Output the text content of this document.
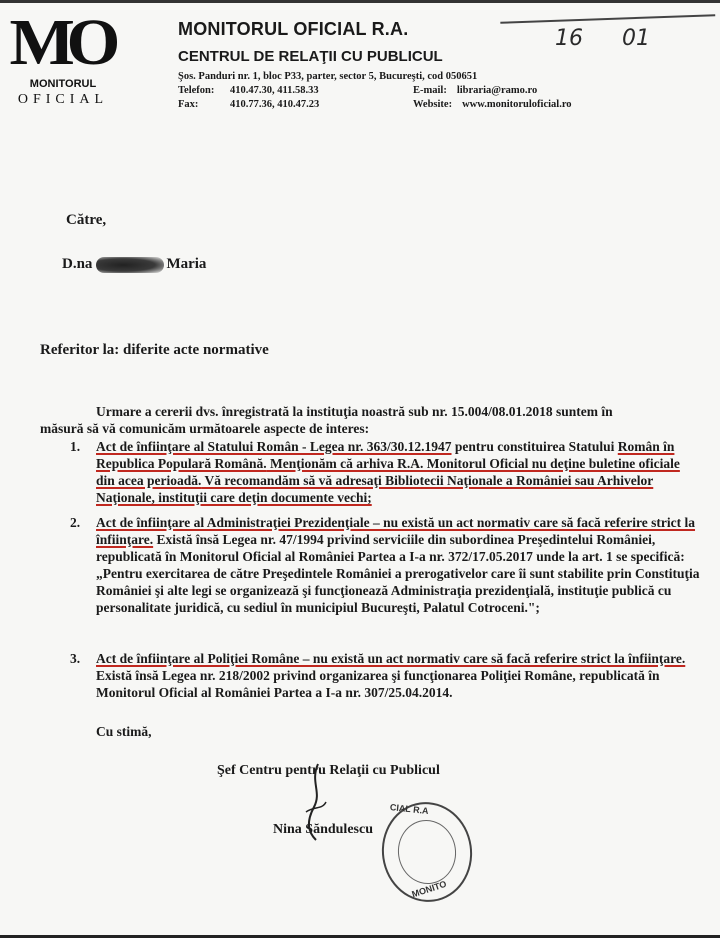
MO
MONITORUL
OFICIAL
MONITORUL OFICIAL R.A.
CENTRUL DE RELAŢII CU PUBLICUL
Şos. Panduri nr. 1, bloc P33, parter, sector 5, Bucureşti, cod 050651
Telefon: 410.47.30, 411.58.33	E-mail: libraria@ramo.ro
Fax:	410.77.36, 410.47.23	Website: www.monitoruloficial.ro
16 01
Către,
D.na	Maria
Referitor la: diferite acte normative
Urmare a cererii dvs. înregistrată la instituţia noastră sub nr. 15.004/08.01.2018 suntem în
măsură să vă comunicăm următoarele aspecte de interes:
1. Act de înfiinţare al Statului Român - Legea nr. 363/30.12.1947 pentru constituirea Statului Român în Republica Populară Română. Menţionăm că arhiva R.A. Monitorul Oficial nu deţine buletine oficiale din acea perioadă. Vă recomandăm să vă adresaţi Bibliotecii Naţionale a României sau Arhivelor Naţionale, instituţii care deţin documente vechi;
2. Act de înfiinţare al Administraţiei Prezidenţiale – nu există un act normativ care să facă referire strict la înfiinţare. Există însă Legea nr. 47/1994 privind serviciile din subordinea Preşedintelui României, republicată în Monitorul Oficial al României Partea a I-a nr. 372/17.05.2017 unde la art. 1 se specifică: „Pentru exercitarea de către Preşedintele României a prerogativelor care îi sunt stabilite prin Constituţia României şi alte legi se organizează şi funcţionează Administraţia prezidenţială, instituţie publică cu personalitate juridică, cu sediul în municipiul Bucureşti, Palatul Cotroceni.";
3. Act de înfiinţare al Poliţiei Române – nu există un act normativ care să facă referire strict la înfiinţare. Există însă Legea nr. 218/2002 privind organizarea şi funcţionarea Poliţiei Române, republicată în Monitorul Oficial al României Partea a I-a nr. 307/25.04.2014.
Cu stimă,
Şef Centru pentru Relaţii cu Publicul
Nina Săndulescu
CIAL R.A
MONITO
